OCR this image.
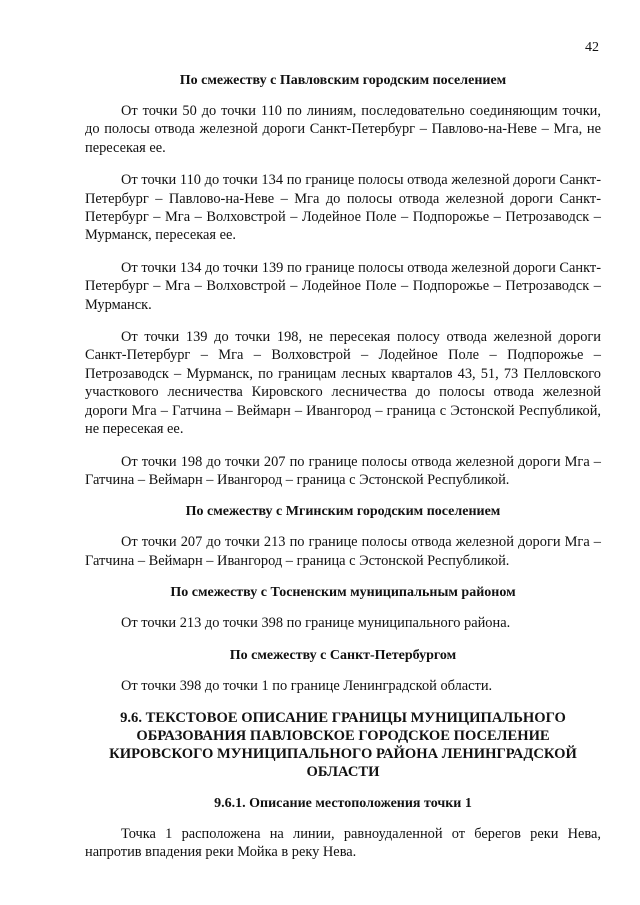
42
По смежеству с Павловским городским поселением
От точки 50 до точки 110 по линиям, последовательно соединяющим точки, до полосы отвода железной дороги Санкт-Петербург – Павлово-на-Неве – Мга, не пересекая ее.
От точки 110 до точки 134 по границе полосы отвода железной дороги Санкт-Петербург – Павлово-на-Неве – Мга до полосы отвода железной дороги Санкт-Петербург – Мга – Волховстрой – Лодейное Поле – Подпорожье – Петрозаводск – Мурманск, пересекая ее.
От точки 134 до точки 139 по границе полосы отвода железной дороги Санкт-Петербург – Мга – Волховстрой – Лодейное Поле – Подпорожье – Петрозаводск – Мурманск.
От точки 139 до точки 198, не пересекая полосу отвода железной дороги Санкт-Петербург – Мга – Волховстрой – Лодейное Поле – Подпорожье – Петрозаводск – Мурманск, по границам лесных кварталов 43, 51, 73 Пелловского участкового лесничества Кировского лесничества до полосы отвода железной дороги Мга – Гатчина – Веймарн – Ивангород – граница с Эстонской Республикой, не пересекая ее.
От точки 198 до точки 207 по границе полосы отвода железной дороги Мга – Гатчина – Веймарн – Ивангород – граница с Эстонской Республикой.
По смежеству с Мгинским городским поселением
От точки 207 до точки 213 по границе полосы отвода железной дороги Мга – Гатчина – Веймарн – Ивангород – граница с Эстонской Республикой.
По смежеству с Тосненским муниципальным районом
От точки 213 до точки 398 по границе муниципального района.
По смежеству с Санкт-Петербургом
От точки 398 до точки 1 по границе Ленинградской области.
9.6. ТЕКСТОВОЕ ОПИСАНИЕ ГРАНИЦЫ МУНИЦИПАЛЬНОГО ОБРАЗОВАНИЯ ПАВЛОВСКОЕ ГОРОДСКОЕ ПОСЕЛЕНИЕ КИРОВСКОГО МУНИЦИПАЛЬНОГО РАЙОНА ЛЕНИНГРАДСКОЙ ОБЛАСТИ
9.6.1. Описание местоположения точки 1
Точка 1 расположена на линии, равноудаленной от берегов реки Нева, напротив впадения реки Мойка в реку Нева.
